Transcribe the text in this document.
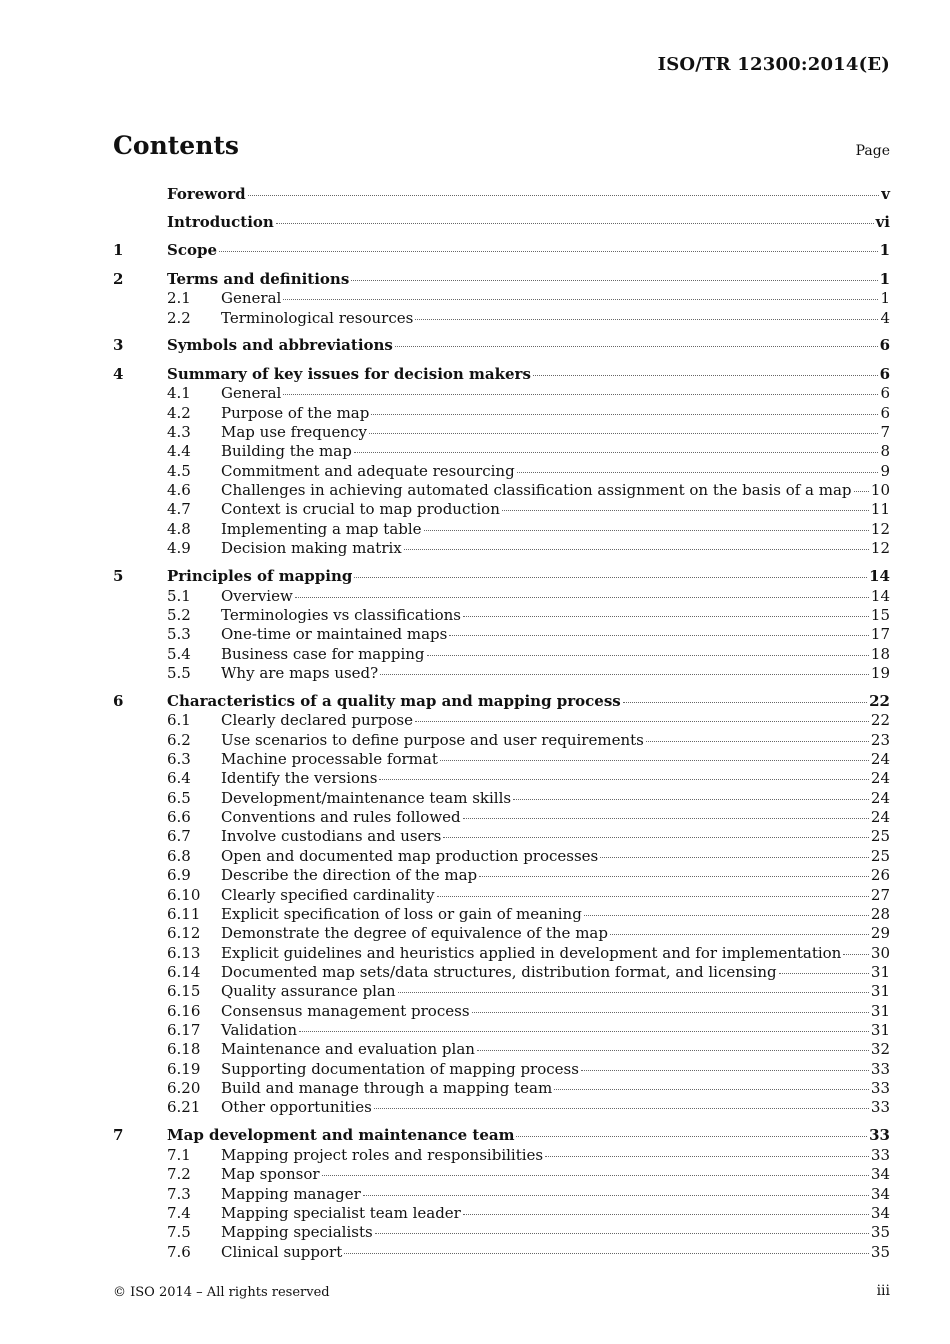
ISO/TR 12300:2014(E)
Contents	Page
Foreword	v
Introduction	vi
1	Scope	1
2	Terms and definitions	1
2.1	General	1
2.2	Terminological resources	4
3	Symbols and abbreviations	6
4	Summary of key issues for decision makers	6
4.1	General	6
4.2	Purpose of the map	6
4.3	Map use frequency	7
4.4	Building the map	8
4.5	Commitment and adequate resourcing	9
4.6	Challenges in achieving automated classification assignment on the basis of a map 10
4.7	Context is crucial to map production	11
4.8	Implementing a map table	12
4.9	Decision making matrix	12
5	Principles of mapping	14
5.1	Overview	14
5.2	Terminologies vs classifications	15
5.3	One-time or maintained maps	17
5.4	Business case for mapping	18
5.5	Why are maps used?	19
6	Characteristics of a quality map and mapping process	22
6.1	Clearly declared purpose	22
6.2	Use scenarios to define purpose and user requirements	23
6.3	Machine processable format	24
6.4	Identify the versions	24
6.5	Development/maintenance team skills	24
6.6	Conventions and rules followed	24
6.7	Involve custodians and users	25
6.8	Open and documented map production processes	25
6.9	Describe the direction of the map	26
6.10	Clearly specified cardinality	27
6.11	Explicit specification of loss or gain of meaning	28
6.12	Demonstrate the degree of equivalence of the map	29
6.13	Explicit guidelines and heuristics applied in development and for implementation 30
6.14	Documented map sets/data structures, distribution format, and licensing	31
6.15	Quality assurance plan	31
6.16	Consensus management process	31
6.17	Validation	31
6.18	Maintenance and evaluation plan	32
6.19	Supporting documentation of mapping process	33
6.20	Build and manage through a mapping team	33
6.21	Other opportunities	33
7	Map development and maintenance team	33
7.1	Mapping project roles and responsibilities	33
7.2	Map sponsor	34
7.3	Mapping manager	34
7.4	Mapping specialist team leader	34
7.5	Mapping specialists	35
7.6	Clinical support	35
© ISO 2014 – All rights reserved	iii
